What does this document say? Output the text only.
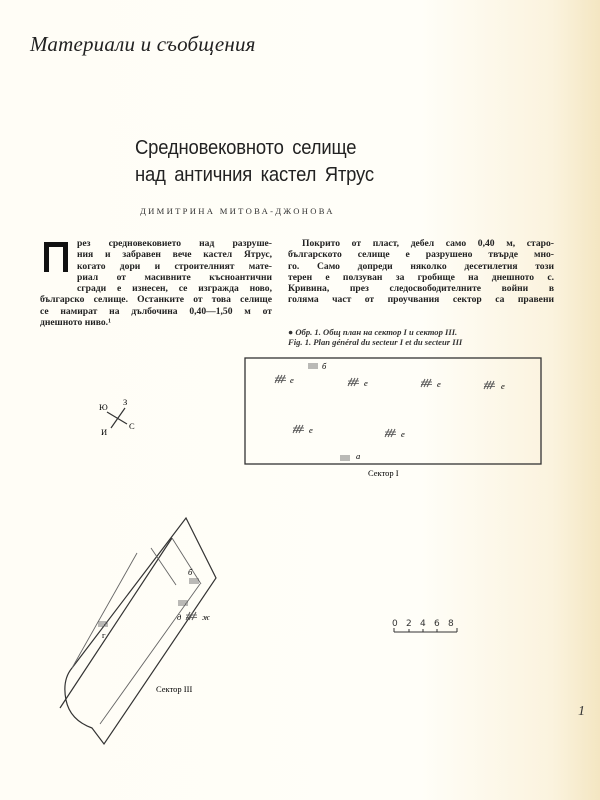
Материали и съобщения
Средновековното селище
над античния кастел Ятрус
ДИМИТРИНА МИТОВА-ДЖОНОВА
рез средновековието над разруше-
ния и забравен вече кастел Ятрус,
когато дори и строителният мате-
риал от масивните късноантични
сгради е изнесен, се изгражда ново,
българско селище. Останките от това селище
се намират на дълбочина 0,40—1,50 м от
днешното ниво.¹
Покрито от пласт, дебел само 0,40 м, старо-
българското селище е разрушено твърде мно-
го. Само допреди няколко десетилетия този
терен е ползуван за гробище на днешното с.
Кривина, през следосвободителните войни в
голяма част от проучвания сектор са правени
● Обр. 1. Общ план на сектор I и сектор III.
Fig. 1. Plan général du secteur I et du secteur III
б
е	е	е	е
е	е
а
Сектор I
Ю З
С
И
б
д ж
г
Сектор III
0 2 4 6 8
1
